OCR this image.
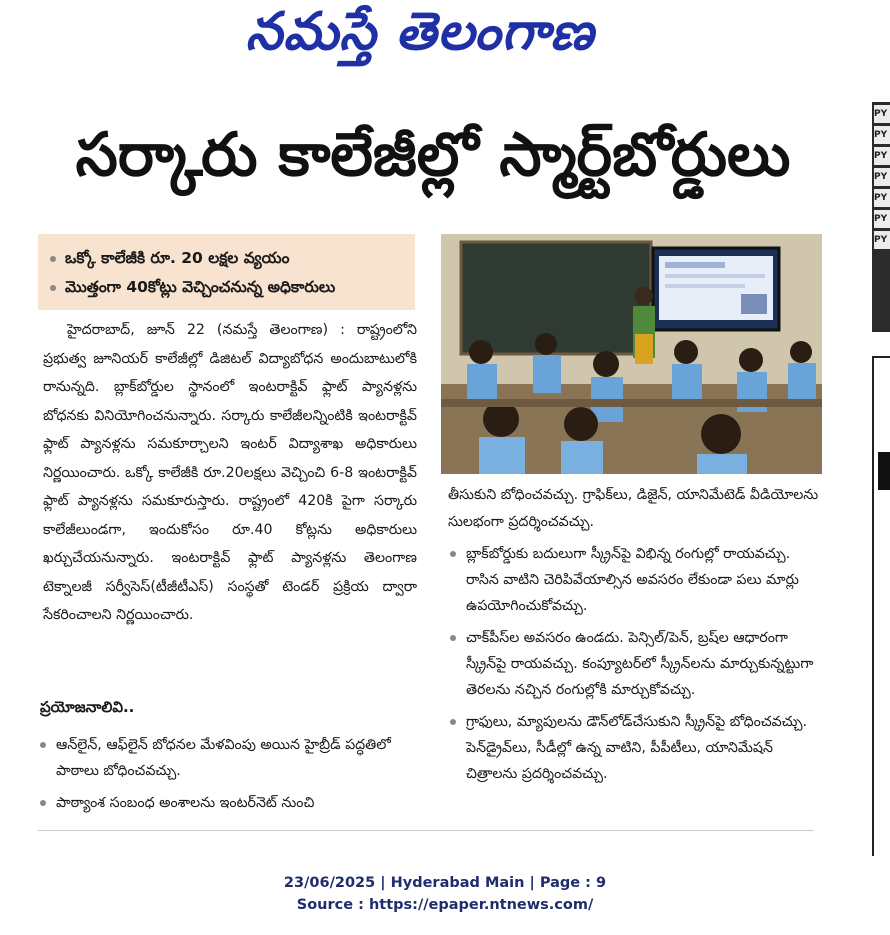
నమస్తే తెలంగాణ
సర్కారు కాలేజీల్లో స్మార్ట్‌బోర్డులు
ఒక్కో కాలేజీకి రూ. 20 లక్షల వ్యయం
మొత్తంగా 40కోట్లు వెచ్చించనున్న అధికారులు
హైదరాబాద్, జూన్ 22 (నమస్తే తెలంగాణ) : రాష్ట్రంలోని ప్రభుత్వ జూనియర్ కాలేజీల్లో డిజిటల్ విద్యాబోధన అందుబాటులోకి రానున్నది. బ్లాక్‌బోర్డుల స్థానంలో ఇంటరాక్టివ్ ఫ్లాట్ ప్యానళ్లను బోధనకు వినియోగించనున్నారు. సర్కారు కాలేజీలన్నింటికి ఇంటరాక్టివ్ ఫ్లాట్ ప్యానళ్లను సమకూర్చాలని ఇంటర్ విద్యాశాఖ అధికారులు నిర్ణయించారు. ఒక్కో కాలేజీకి రూ.20లక్షలు వెచ్చించి 6-8 ఇంటరాక్టివ్ ఫ్లాట్ ప్యానళ్లను సమకూరుస్తారు. రాష్ట్రంలో 420కి పైగా సర్కారు కాలేజీలుండగా, ఇందుకోసం రూ.40 కోట్లను అధికారులు ఖర్చుచేయనున్నారు. ఇంటరాక్టివ్ ఫ్లాట్ ప్యానళ్లను తెలంగాణ టెక్నాలజీ సర్వీసెస్(టీజీటీఎస్) సంస్థతో టెండర్ ప్రక్రియ ద్వారా సేకరించాలని నిర్ణయించారు.
ప్రయోజనాలివి..
ఆన్‌లైన్, ఆఫ్‌లైన్ బోధనల మేళవింపు అయిన హైబ్రీడ్ పద్ధతిలో పాఠాలు బోధించవచ్చు.
పాఠ్యాంశ సంబంధ అంశాలను ఇంటర్‌నెట్ నుంచి
తీసుకుని బోధించవచ్చు. గ్రాఫిక్‌లు, డిజైన్, యానిమేటెడ్ వీడియోలను సులభంగా ప్రదర్శించవచ్చు.
బ్లాక్‌బోర్డుకు బదులుగా స్క్రీన్‌పై విభిన్న రంగుల్లో రాయవచ్చు. రాసిన వాటిని చెరిపివేయాల్సిన అవసరం లేకుండా పలు మార్లు ఉపయోగించుకోవచ్చు.
చాక్‌పీస్‌ల అవసరం ఉండదు. పెన్సిల్/పెన్, బ్రష్‌ల ఆధారంగా స్క్రీన్‌పై రాయవచ్చు. కంప్యూటర్‌లో స్క్రీన్‌లను మార్చుకున్నట్టుగా తెరలను నచ్చిన రంగుల్లోకి మార్చుకోవచ్చు.
గ్రాఫులు, మ్యాపులను డౌన్‌లోడ్‌చేసుకుని స్క్రీన్‌పై బోధించవచ్చు. పెన్‌డ్రైవ్‌లు, సీడీల్లో ఉన్న వాటిని, పీపీటీలు, యానిమేషన్ చిత్రాలను ప్రదర్శించవచ్చు.
PY
PY
PY
PY
PY
PY
PY
23/06/2025 | Hyderabad Main | Page : 9
Source : https://epaper.ntnews.com/
